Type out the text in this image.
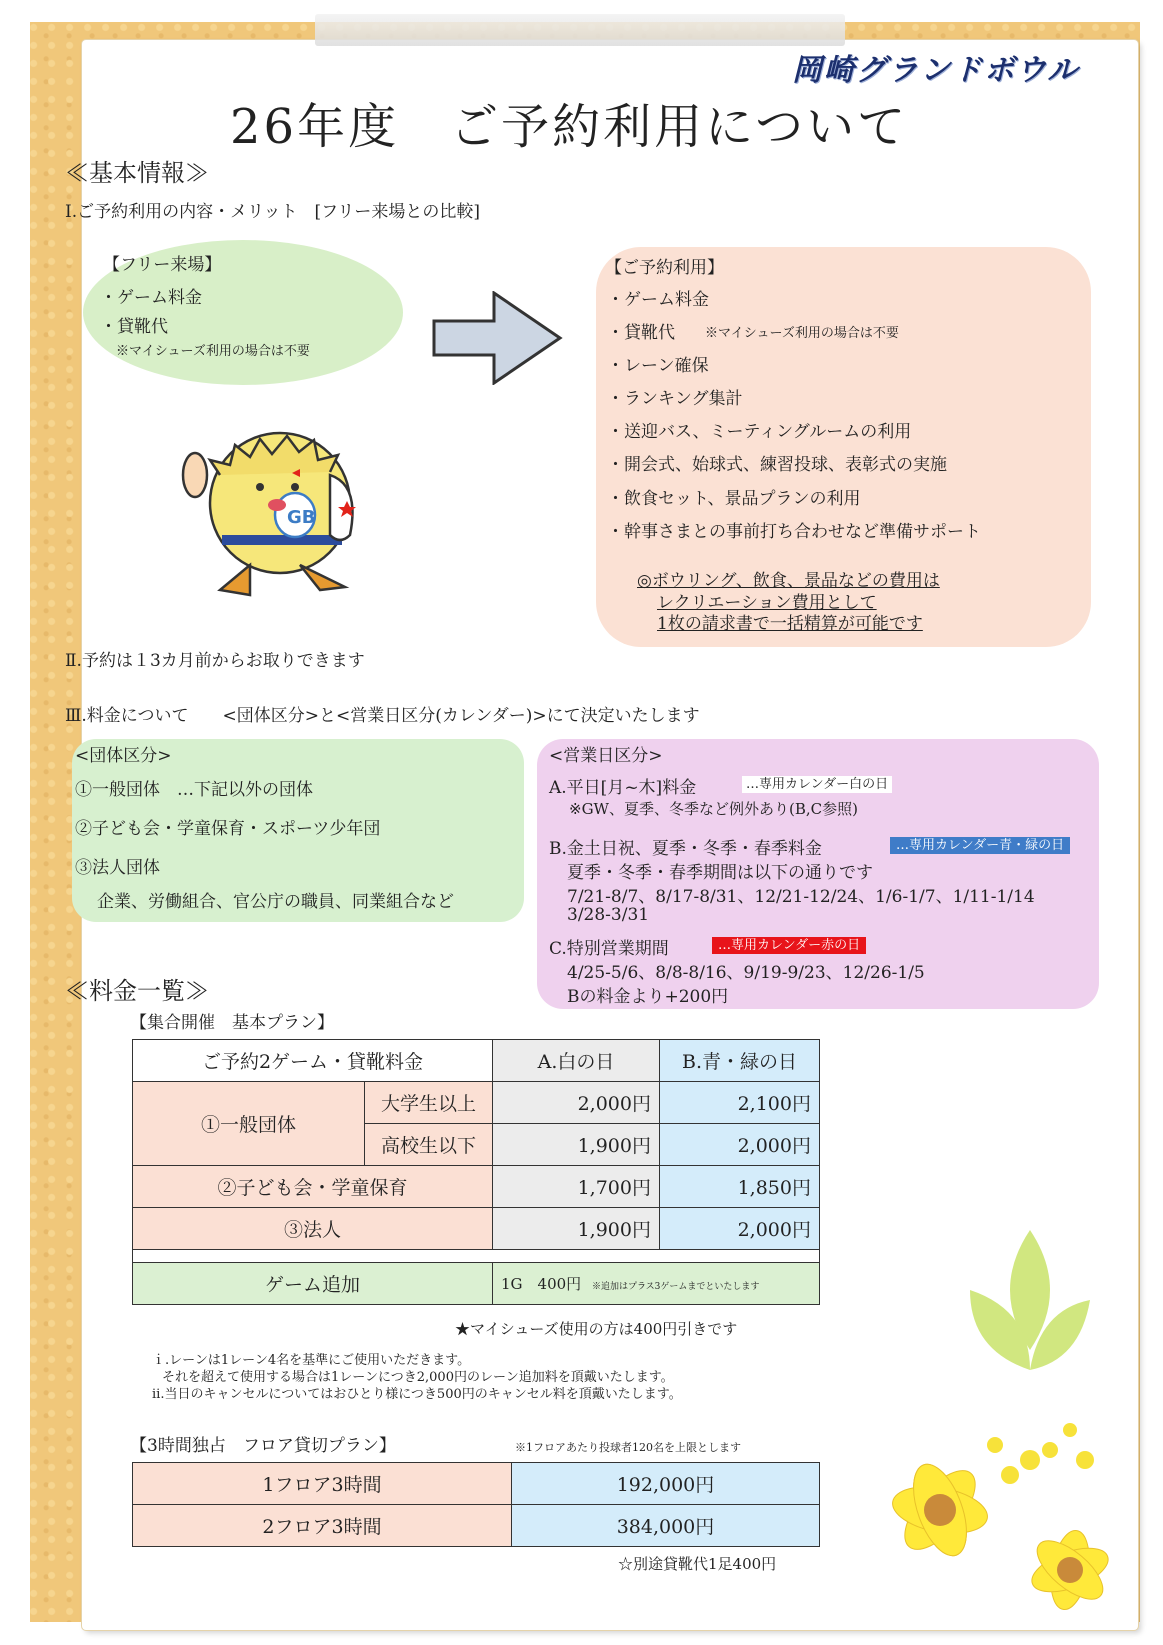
岡崎グランドボウル
26年度　ご予約利用について
≪基本情報≫
Ⅰ.ご予約利用の内容・メリット　[フリー来場との比較]
【フリー来場】
・ゲーム料金
・貸靴代
※マイシューズ利用の場合は不要
GB
【ご予約利用】
・ゲーム料金
・貸靴代 ※マイシューズ利用の場合は不要
・レーン確保
・ランキング集計
・送迎バス、ミーティングルームの利用
・開会式、始球式、練習投球、表彰式の実施
・飲食セット、景品プランの利用
・幹事さまとの事前打ち合わせなど準備サポート
◎ボウリング、飲食、景品などの費用は
レクリエーション費用として
1枚の請求書で一括精算が可能です
Ⅱ.予約は１3カ月前からお取りできます
Ⅲ.料金について　　<団体区分>と<営業日区分(カレンダー)>にて決定いたします
<団体区分>
①一般団体　…下記以外の団体
②子ども会・学童保育・スポーツ少年団
③法人団体
企業、労働組合、官公庁の職員、同業組合など
<営業日区分>
A.平日[月~木]料金	…専用カレンダー白の日
※GW、夏季、冬季など例外あり(B,C参照)
B.金土日祝、夏季・冬季・春季料金	…専用カレンダー青・緑の日
夏季・冬季・春季期間は以下の通りです
7/21-8/7、8/17-8/31、12/21-12/24、1/6-1/7、1/11-1/14
3/28-3/31
C.特別営業期間	…専用カレンダー赤の日
4/25-5/6、8/8-8/16、9/19-9/23、12/26-1/5
Bの料金より+200円
≪料金一覧≫
【集合開催　基本プラン】
ご予約2ゲーム・貸靴料金		A.白の日	B.青・緑の日
①一般団体	大学生以上	2,000円	2,100円
	高校生以下	1,900円	2,000円
②子ども会・学童保育		1,700円	1,850円
③法人		1,900円	2,000円

ゲーム追加		1G　400円 ※追加はプラス3ゲームまでといたします	
★マイシューズ使用の方は400円引きです
ｉ.レーンは1レーン4名を基準にご使用いただきます。
それを超えて使用する場合は1レーンにつき2,000円のレーン追加料を頂戴いたします。
ⅱ.当日のキャンセルについてはおひとり様につき500円のキャンセル料を頂戴いたします。
【3時間独占　フロア貸切プラン】	※1フロアあたり投球者120名を上限とします
1フロア3時間	192,000円
2フロア3時間	384,000円
☆別途貸靴代1足400円
